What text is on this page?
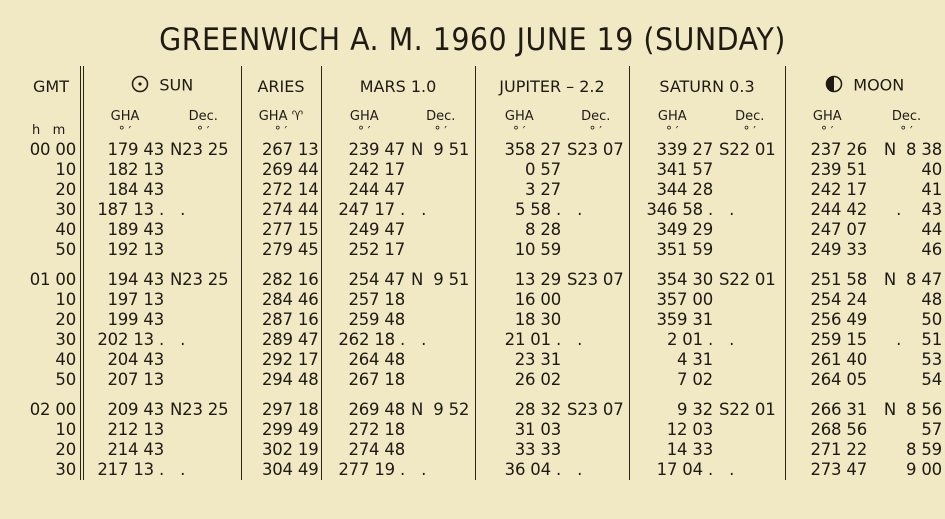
GREENWICH A. M. 1960 JUNE 19 (SUNDAY)
GMT	SUN		ARIES	MARS 1.0		JUPITER – 2.2		SATURN 0.3		MOON	
	GHA	Dec.	GHA ♈	GHA	Dec.	GHA	Dec.	GHA	Dec.	GHA	Dec.
h m	° ′	° ′	° ′	° ′	° ′	° ′	° ′	° ′	° ′	° ′	° ′
00 00	179 43	N23 25	267 13	239 47	N  9 51	358 27	S23 07	339 27	S22 01	237 26	N  8 38
10	182 13		269 44	242 17		0 57		341 57		239 51	40
20	184 43		272 14	244 47		3 27		344 28		242 17	41
30	187 13 .	.	274 44	247 17 .	.	5 58 .	.	346 58 .	.	244 42	.    43
40	189 43		277 15	249 47		8 28		349 29		247 07	44
50	192 13		279 45	252 17		10 59		351 59		249 33	46

01 00	194 43	N23 25	282 16	254 47	N  9 51	13 29	S23 07	354 30	S22 01	251 58	N  8 47
10	197 13		284 46	257 18		16 00		357 00		254 24	48
20	199 43		287 16	259 48		18 30		359 31		256 49	50
30	202 13 .	.	289 47	262 18 .	.	21 01 .	.	2 01 .	.	259 15	.    51
40	204 43		292 17	264 48		23 31		4 31		261 40	53
50	207 13		294 48	267 18		26 02		7 02		264 05	54

02 00	209 43	N23 25	297 18	269 48	N  9 52	28 32	S23 07	9 32	S22 01	266 31	N  8 56
10	212 13		299 49	272 18		31 03		12 03		268 56	57
20	214 43		302 19	274 48		33 33		14 33		271 22	8 59
30	217 13 .	.	304 49	277 19 .	.	36 04 .	.	17 04 .	.	273 47	9 00
